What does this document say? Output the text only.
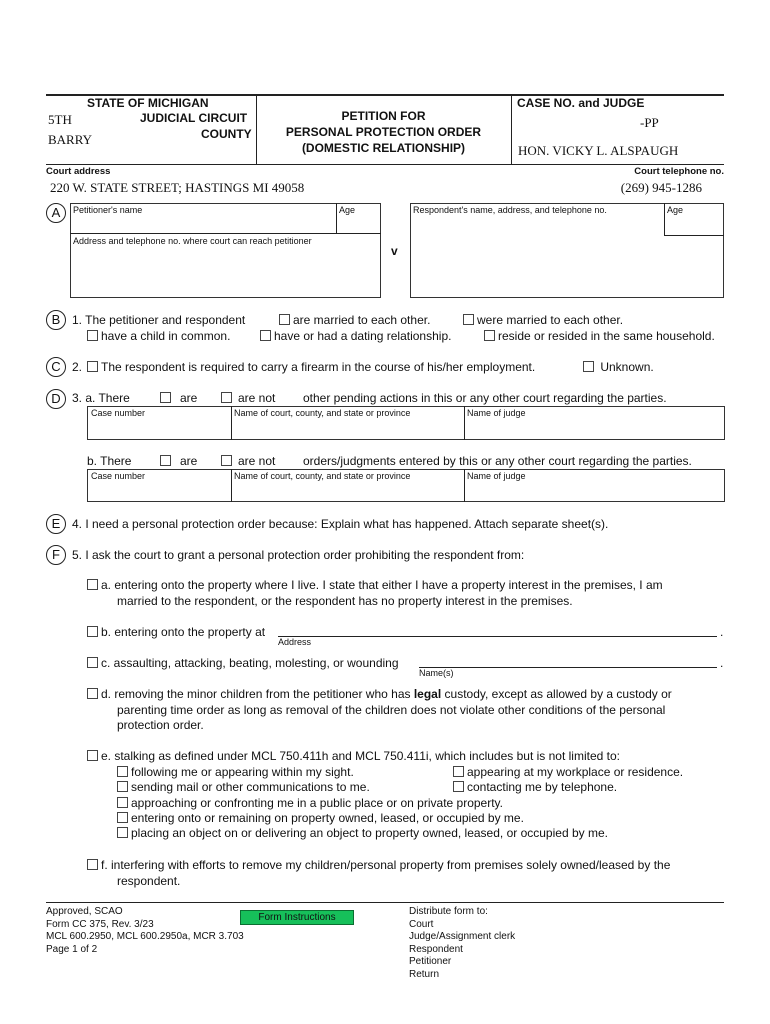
STATE OF MICHIGAN
5TH	JUDICIAL CIRCUIT
BARRY	COUNTY
PETITION FOR
PERSONAL PROTECTION ORDER
(DOMESTIC RELATIONSHIP)
CASE NO. and JUDGE
-PP
HON. VICKY L. ALSPAUGH
Court address	Court telephone no.
220 W. STATE STREET; HASTINGS MI 49058	(269) 945-1286
A	Petitioner's name	Age
Address and telephone no. where court can reach petitioner
v
Respondent's name, address, and telephone no.	Age
B 1. The petitioner and respondent	are married to each other.	were married to each other.
have a child in common.	have or had a dating relationship.	reside or resided in the same household.
C 2.	The respondent is required to carry a firearm in the course of his/her employment.	Unknown.
D 3. a. There	are	are not other pending actions in this or any other court regarding the parties.
Case number	Name of court, county, and state or province	Name of judge
b. There	are	are not orders/judgments entered by this or any other court regarding the parties.
Case number	Name of court, county, and state or province	Name of judge
E 4. I need a personal protection order because: Explain what has happened. Attach separate sheet(s).
F	5. I ask the court to grant a personal protection order prohibiting the respondent from:
a. entering onto the property where I live. I state that either I have a property interest in the premises, I am
married to the respondent, or the respondent has no property interest in the premises.
b. entering onto the property at	.
Address
c. assaulting, attacking, beating, molesting, or wounding	.
Name(s)
d. removing the minor children from the petitioner who has legal custody, except as allowed by a custody or
parenting time order as long as removal of the children does not violate other conditions of the personal
protection order.
e. stalking as defined under MCL 750.411h and MCL 750.411i, which includes but is not limited to:
following me or appearing within my sight.	appearing at my workplace or residence.
sending mail or other communications to me.	contacting me by telephone.
approaching or confronting me in a public place or on private property.
entering onto or remaining on property owned, leased, or occupied by me.
placing an object on or delivering an object to property owned, leased, or occupied by me.
f. interfering with efforts to remove my children/personal property from premises solely owned/leased by the
respondent.
Approved, SCAO
Form CC 375, Rev. 3/23
MCL 600.2950, MCL 600.2950a, MCR 3.703
Page 1 of 2
Form Instructions
Distribute form to:
Court
Judge/Assignment clerk
Respondent
Petitioner
Return
